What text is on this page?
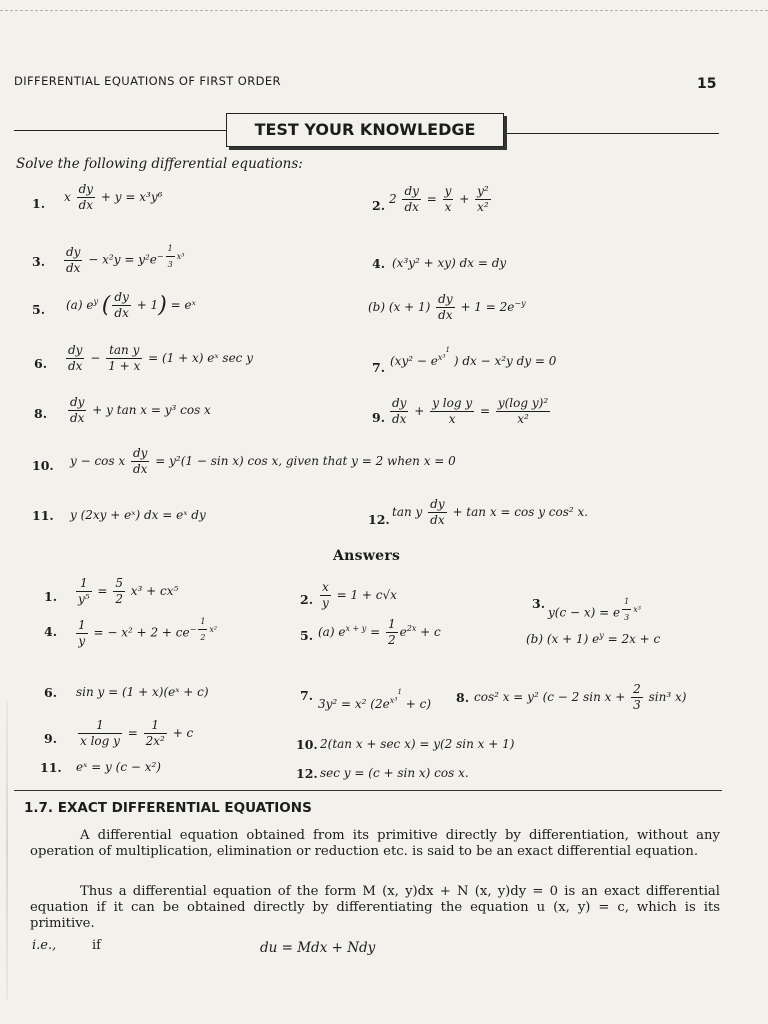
DIFFERENTIAL EQUATIONS OF FIRST ORDER	15
TEST YOUR KNOWLEDGE
Solve the following differential equations:
1. x $\frac{dy}{dx} + y = x^3y^6$
2. $2 \frac{dy}{dx} = \frac{y}{x} + \frac{\text{y²}}{\text{x²}}$
3. $\frac{dy}{dx} - x^2y = y^2e^{- \frac{1}{3} x^3}$	4. (x³y² + xy) dx = dy
5. (a) $e^y$ ( $\frac{dy}{dx} + 1$) = eˣ	(b) $(x + 1) \frac{dy}{dx} + 1 = 2e^{-y}$
6. $\frac{dy}{dx} - \frac{\text{tan y}}{1 + x} = (1 + x)$ eˣ sec y
7. ($xy^2 - e^{x^31}$ ) dx − x²y dy = 0
8. $\frac{dy}{dx} + y$ tan x = y³ cos x	9. $\frac{dy}{dx} + \frac{\text{y log y}}{x} = \frac{\text{y(log y)²}}{\text{x²}}$
10. y − cos x $\frac{dy}{dx} = y^2(1 - \sin x)$ cos x, given that y = 2 when x = 0
11. y (2xy + eˣ) dx = eˣ dy	12. tan y $\frac{dy}{dx} + \tan x = \cos y$ cos² x.
Answers
1. $\frac{1}{\text{y⁵}} = \frac{5}{2} x^3 + cx^5$
2. $\frac{x}{y} = 1 + c√x$
3.
y(c − x) = e $^{\frac{1}{3} x^3}$
4. $\frac{1}{y}$ = − $x^2 + 2 + ce^{- \frac{1}{2} x^2}$	5. (a) $e^{x + y} = \frac{1}{2} e^{2x} + c$	(b) (x + 1) $e^y = 2x + c$
6. sin y = (1 + x)(eˣ + c)	7.
3y² = x² $(2e^{x^31} + c)$ 8. cos² x = y² (c − 2 $\sin x + \frac{2}{3} \sin^3$ x)
9. $\frac{1}{\text{x log y}} = \frac{1}{\text{2x²}} + c$
10. 2(tan x + sec x) = y(2 sin x + 1)
11. eˣ = y (c − x²)	12. sec y = (c + sin x) cos x.
1.7. EXACT DIFFERENTIAL EQUATIONS
A differential equation obtained from its primitive directly by differentiation, without any operation of multiplication, elimination or reduction etc. is said to be an exact differential equation.
Thus a differential equation of the form M (x, y)dx + N (x, y)dy = 0 is an exact differential equation if it can be obtained directly by differentiating the equation u (x, y) = c, which is its primitive.
i.e.,	if	du = Mdx + Ndy
